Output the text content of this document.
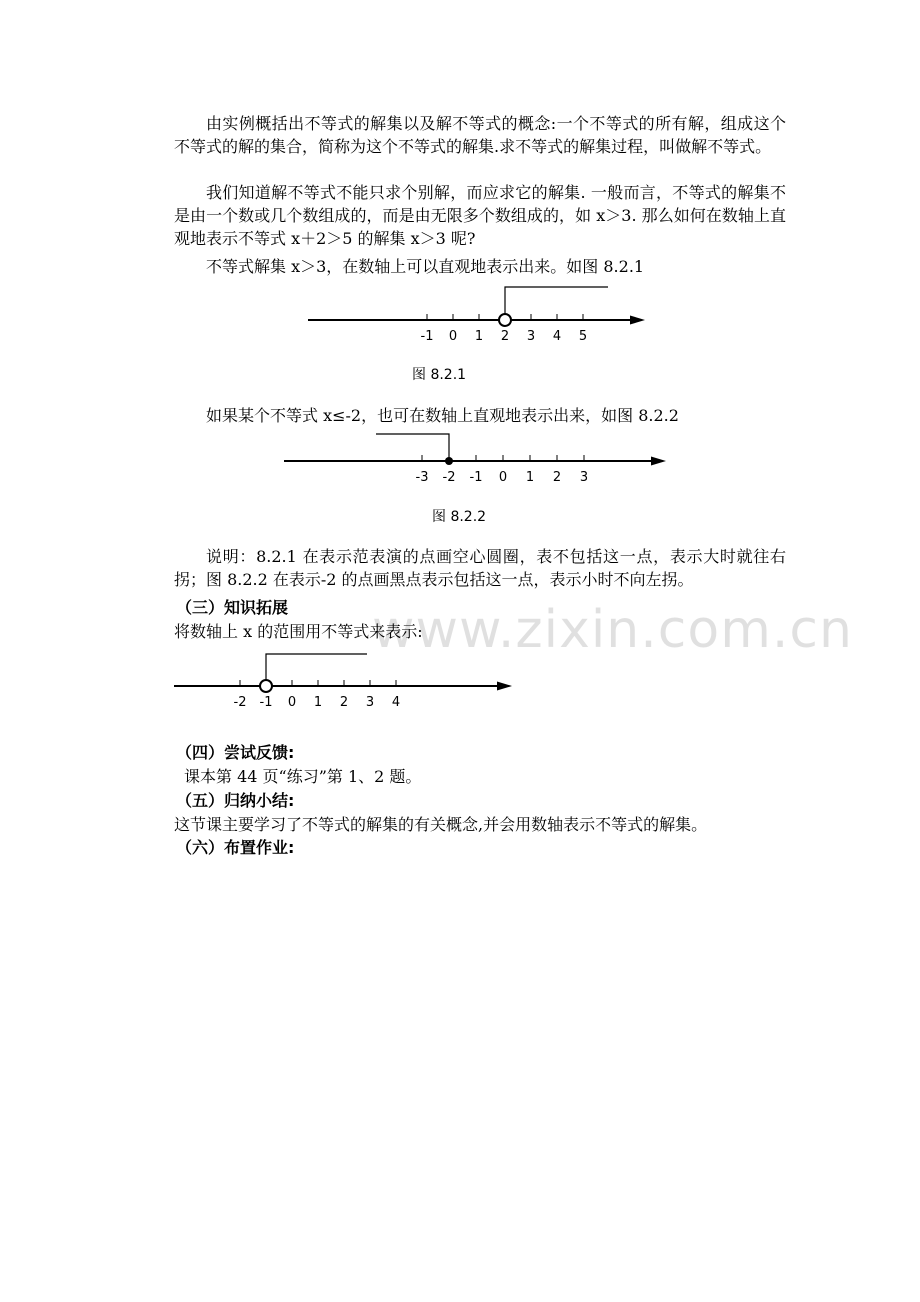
由实例概括出不等式的解集以及解不等式的概念:一个不等式的所有解，组成这个不等式的解的集合，简称为这个不等式的解集.求不等式的解集过程，叫做解不等式。

我们知道解不等式不能只求个别解，而应求它的解集. 一般而言，不等式的解集不是由一个数或几个数组成的，而是由无限多个数组成的，如 x＞3. 那么如何在数轴上直观地表示不等式 x＋2＞5 的解集 x＞3 呢?

不等式解集 x＞3，在数轴上可以直观地表示出来。如图 8.2.1

-1 0 1 2 3 4 5
图 8.2.1

如果某个不等式 x≤-2，也可在数轴上直观地表示出来，如图 8.2.2

-3 -2 -1 0 1 2 3
图 8.2.2

说明：8.2.1 在表示范表演的点画空心圆圈，表不包括这一点，表示大时就往右拐；图 8.2.2 在表示-2 的点画黑点表示包括这一点，表示小时不向左拐。

（三）知识拓展
将数轴上 x 的范围用不等式来表示:
-2 -1 0 1 2 3 4
（四）尝试反馈:
课本第 44 页“练习”第 1、2 题。
（五）归纳小结:
这节课主要学习了不等式的解集的有关概念,并会用数轴表示不等式的解集。
（六）布置作业:
www.zixin.com.cn
